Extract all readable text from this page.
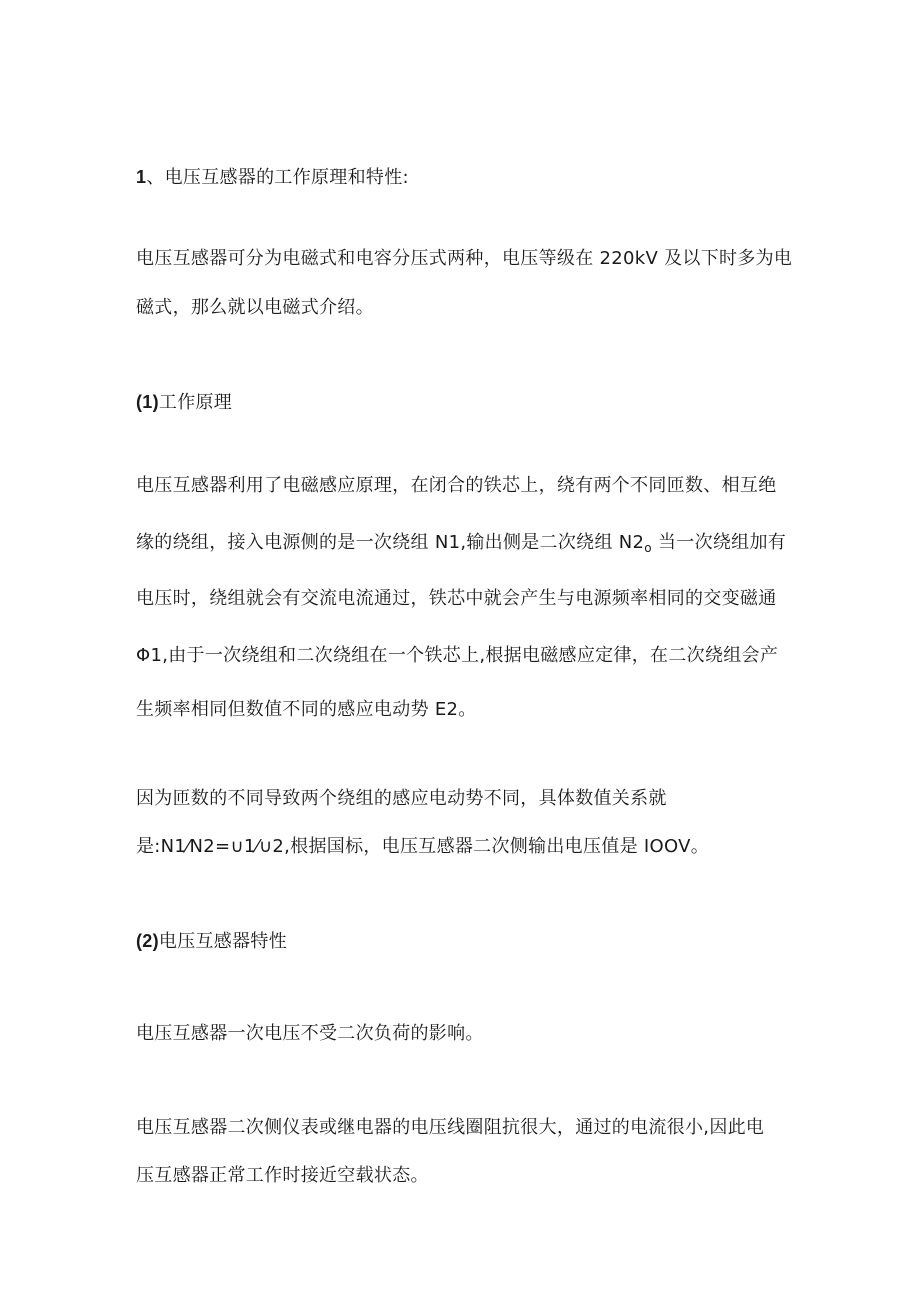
1、电压互感器的工作原理和特性:
电压互感器可分为电磁式和电容分压式两种，电压等级在 220kV 及以下时多为电
磁式，那么就以电磁式介绍。
(1)工作原理
电压互感器利用了电磁感应原理，在闭合的铁芯上，绕有两个不同匝数、相互绝
缘的绕组，接入电源侧的是一次绕组 N1,输出侧是二次绕组 $N2_o$ 当一次绕组加有
电压时，绕组就会有交流电流通过，铁芯中就会产生与电源频率相同的交变磁通
Φ1,由于一次绕组和二次绕组在一个铁芯上,根据电磁感应定律，在二次绕组会产
生频率相同但数值不同的感应电动势 E2。
因为匝数的不同导致两个绕组的感应电动势不同，具体数值关系就
是:N1⁄N2=∪1⁄∪2,根据国标，电压互感器二次侧输出电压值是 IOOV。
(2)电压互感器特性
电压互感器一次电压不受二次负荷的影响。
电压互感器二次侧仪表或继电器的电压线圈阻抗很大，通过的电流很小,因此电
压互感器正常工作时接近空载状态。
